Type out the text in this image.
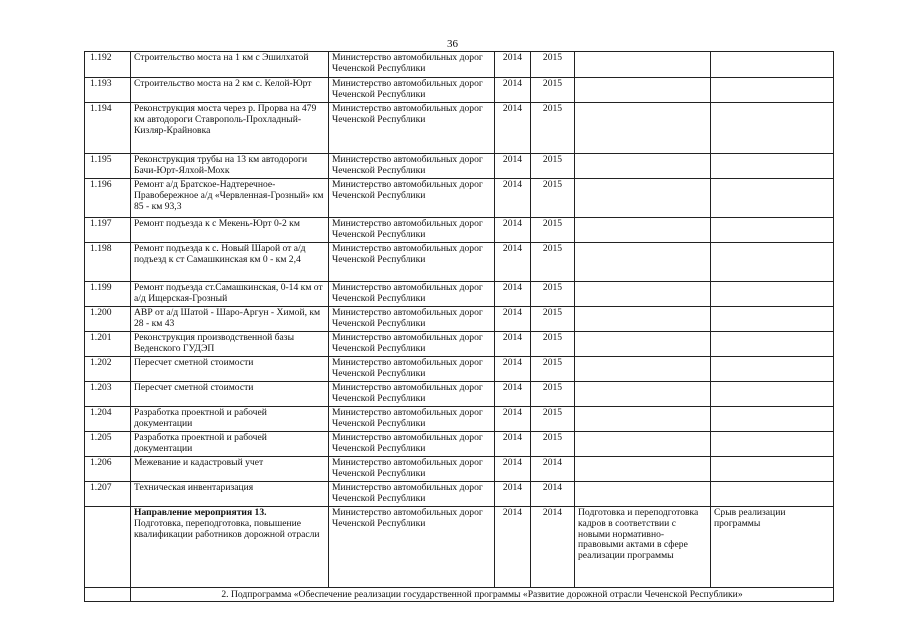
36
1.192	Строительство моста на 1 км с Эшилхатой	Министерство автомобильных дорог Чеченской Республики	2014	2015		
1.193	Строительство моста на 2 км с. Келой-Юрт	Министерство автомобильных дорог Чеченской Республики	2014	2015		
1.194	Реконструкция моста через р. Прорва на 479 км автодороги Ставрополь-Прохладный-Кизляр-Крайновка	Министерство автомобильных дорог Чеченской Республики	2014	2015		
1.195	Реконструкция трубы на 13 км автодороги Бачи-Юрт-Ялхой-Мохк	Министерство автомобильных дорог Чеченской Республики	2014	2015		
1.196	Ремонт а/д Братское-Надтеречное-Правобережное а/д «Червленная-Грозный» км 85 - км 93,3	Министерство автомобильных дорог Чеченской Республики	2014	2015		
1.197	Ремонт подъезда к с Мекень-Юрт 0-2 км	Министерство автомобильных дорог Чеченской Республики	2014	2015		
1.198	Ремонт подъезда к с. Новый Шарой от а/д подъезд к ст Самашкинская км 0 - км 2,4	Министерство автомобильных дорог Чеченской Республики	2014	2015		
1.199	Ремонт подъезда ст.Самашкинская, 0-14 км от а/д Ищерская-Грозный	Министерство автомобильных дорог Чеченской Республики	2014	2015		
1.200	АВР от а/д Шатой - Шаро-Аргун - Химой, км 28 - км 43	Министерство автомобильных дорог Чеченской Республики	2014	2015		
1.201	Реконструкция производственной базы Веденского ГУДЭП	Министерство автомобильных дорог Чеченской Республики	2014	2015		
1.202	Пересчет сметной стоимости	Министерство автомобильных дорог Чеченской Республики	2014	2015		
1.203	Пересчет сметной стоимости	Министерство автомобильных дорог Чеченской Республики	2014	2015		
1.204	Разработка проектной и рабочей документации	Министерство автомобильных дорог Чеченской Республики	2014	2015		
1.205	Разработка проектной и рабочей документации	Министерство автомобильных дорог Чеченской Республики	2014	2015		
1.206	Межевание и кадастровый учет	Министерство автомобильных дорог Чеченской Республики	2014	2014		
1.207	Техническая инвентаризация	Министерство автомобильных дорог Чеченской Республики	2014	2014		

	Направление мероприятия 13.
Подготовка, переподготовка, повышение квалификации работников дорожной отрасли	Министерство автомобильных дорог Чеченской Республики	2014	2014	Подготовка и переподготовка кадров в соответствии с новыми нормативно-правовыми актами в сфере реализации программы	Срыв реализации программы
	2. Подпрограмма «Обеспечение реализации государственной программы «Развитие дорожной отрасли Чеченской Республики»					
